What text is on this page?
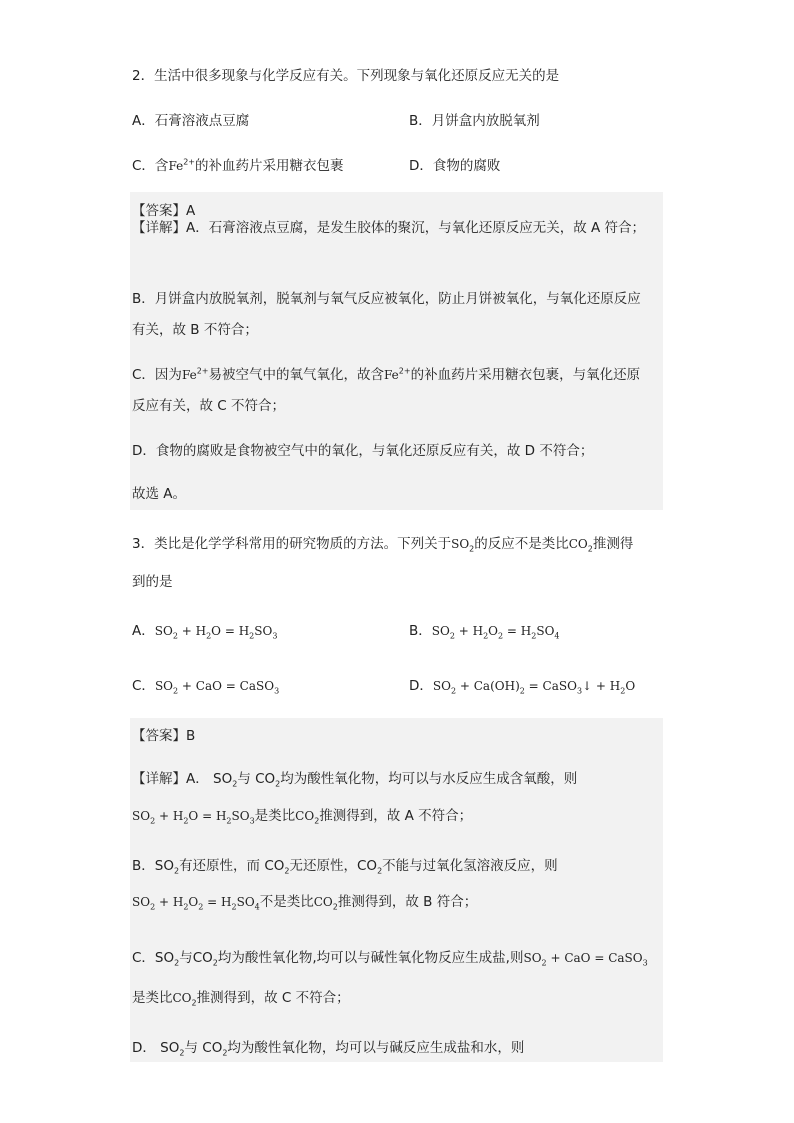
2．生活中很多现象与化学反应有关。下列现象与氧化还原反应无关的是
A．石膏溶液点豆腐	B．月饼盒内放脱氧剂
C．含$Fe^{2+}$的补血药片采用糖衣包裹	D．食物的腐败
【答案】A
【详解】A．石膏溶液点豆腐，是发生胶体的聚沉，与氧化还原反应无关，故 A 符合；
B．月饼盒内放脱氧剂，脱氧剂与氧气反应被氧化，防止月饼被氧化，与氧化还原反应
有关，故 B 不符合；
C．因为$Fe^{2+}$易被空气中的氧气氧化，故含$Fe^{2+}$的补血药片采用糖衣包裹，与氧化还原
反应有关，故 C 不符合；
D．食物的腐败是食物被空气中的氧化，与氧化还原反应有关，故 D 不符合；
故选 A。
3．类比是化学学科常用的研究物质的方法。下列关于$SO_2$的反应不是类比$CO_2$推测得
到的是
A．$SO_2 + H_2O = H_2SO_3$	B．$SO_2 + H_2O_2 = H_2SO_4$
C．$SO_2$ + CaO = CaSO$_3$	D．$SO_2 + Ca(OH)_2$ = CaSO$_3$↓ + $H_2O$
【答案】B
【详解】A． $SO_2$与 $CO_2$均为酸性氧化物，均可以与水反应生成含氧酸，则
$SO_2 + H_2O = H_2SO_3$是类比$CO_2$推测得到，故 A 不符合；
B．$SO_2$有还原性，而 $CO_2$无还原性，$CO_2$不能与过氧化氢溶液反应，则
$SO_2 + H_2O_2 = H_2SO_4$不是类比$CO_2$推测得到，故 B 符合；
C．$SO_2$与$CO_2$均为酸性氧化物,均可以与碱性氧化物反应生成盐,则$SO_2$ + CaO = CaSO$_3$
是类比$CO_2$推测得到，故 C 不符合；
D． $SO_2$与 $CO_2$均为酸性氧化物，均可以与碱反应生成盐和水，则
